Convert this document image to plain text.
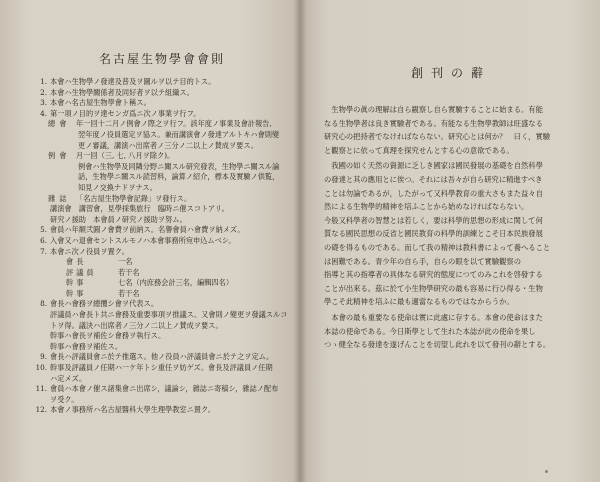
名古屋生物學會會則
1. 本會ハ生物學ノ發達及普及ヲ圖ルヲ以テ目的トス。
2. 本會ハ生物學關係者及同好者ヲ以テ組織ス。
3. 本會ハ名古屋生物學會ト稱ス。
4. 第一項ノ目的ヲ達センガ爲ニ次ノ事業ヲ行フ。
總會 年一回十二月ノ例會ノ際之ヲ行フ。該年度ノ事業及會計報告,
翌年度ノ役員選定ヲ協ス。兼而講演會ノ發達アルトキハ會則變
更ノ審議，講演ハ出席者ノ三分ノ二以上ノ賛成ヲ要ス。
例會 月一回（三, 七, 八月ヲ除ク)。
例會ハ生物學及同隣分野ニ關スル研究發表，生物學ニ關スル論
話，生物學ニ關スル読習料，論算ノ紹介，標本及實驗ノ供覧，
知見ノ交換ナドヲナス。
雜誌 「名古屋生物學會記錄」ヲ發行ス。
講演會　講習會，見學採集旅行　臨時ニ催スコトアリ。
研究ノ援助　本會員ノ研究ノ援助ヲ努ム。
5. 會員ハ年額弐圓ノ會費ヲ前納ス。名譽會員ハ會費ヲ納メズ。
6. 入會又ハ退會セントスルモノハ本會事務所宛申込ムベシ。
7. 本會ニ次ノ役員ヲ置ク。
會長	一名
評議員	若干名
幹事	七名（内庶務会計三名，編輯四名）
幹事	若干名
8. 會長ハ會務ヲ總攬シ會ヲ代表ス。
評議員ハ會長ト共ニ會務及重要事項ヲ推議ス。又會則ノ變更ヲ發議スルコ
トヲ得。議決ハ出席者ノ三分ノ二以上ノ賛成ヲ要ス。
幹事ハ會長ヲ補佐シ會務ヲ執行ス。
幹事ハ會務ヲ補佐ス。
9. 會長ハ評議員會ニ於テ推選ス。他ノ役員ハ評議員會ニ於テ之ヲ定ム。
10. 幹事及評議員ノ任期ハ一ケ年トシ重任ヲ妨ゲズ。會長及評議員ノ任期
ハ定メズ。
11. 會員ハ本會ノ催ス諸集會ニ出席シ，議論シ，雜誌ニ寄稿シ，雜誌ノ配布
ヲ受ク。
12. 本會ノ事務所ハ名古屋醫科大學生理學教室ニ置ク。
創刊の辭

生物學の眞の理解は自ら観察し自ら實驗することに始まる。有能

なる生物學者は良き實驗者である。有能なる生物學教師は旺盛なる

研究心の把持者でなければならない。研究心とは何か？　曰く，實驗

と觀察とに依って真理を探究せんとする心の意欲である。

我國の如く天然の資源に乏しき國家は國民發展の基礎を自然科學

の發達と其の應用とに俟つ。それには吾々が自ら研究に精進すべき

ことは勿論であるが，したがって又科學教育の重大さもまた益々自

然による生物學的精神を培ふことから始めなければならない。

今般又科學者の智慧とは若しく，要は科學的思想の形成に関して何

質なる國民思想の反省と國民教育の科學的訓練とこそ日本民族發展

の礎を得るものである。而して我の精神は教科書によって養へること

は困難である。青少年の自ら手，自らの眼を以て實驗觀察の

指導と其の指導者の具体なる研究的態度につてのみこれを啓發する

ことが出來る。茲に於て小生物學研究の最も容易に行ひ得る・生物

學こそ此精神を培ふに最も適當なるものではなからうか。

本會の最も重要なる使命は實に此處に存する。本會の使命はまた

本誌の使命である。今日斯學として生れた本誌が此の使命を果し

つゝ健全なる發達を遂げんことを切望し此れを以て發刊の辭とする。
